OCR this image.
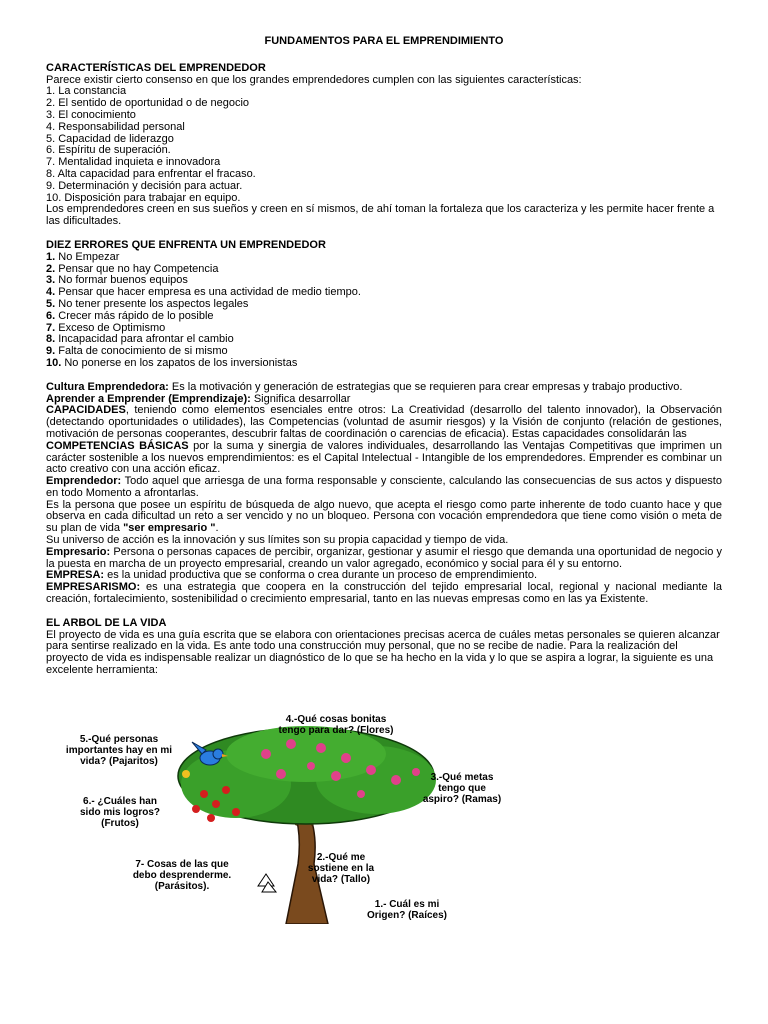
FUNDAMENTOS PARA EL EMPRENDIMIENTO
CARACTERÍSTICAS DEL EMPRENDEDOR
Parece existir cierto consenso en que los grandes emprendedores cumplen con las siguientes características:
1. La constancia
2. El sentido de oportunidad o de negocio
3. El conocimiento
4. Responsabilidad personal
5. Capacidad de liderazgo
6. Espíritu de superación.
7. Mentalidad inquieta e innovadora
8. Alta capacidad para enfrentar el fracaso.
9. Determinación y decisión para actuar.
10. Disposición para trabajar en equipo.
Los emprendedores creen en sus sueños y creen en sí mismos, de ahí toman la fortaleza que los caracteriza y les permite hacer frente a las dificultades.
DIEZ ERRORES QUE ENFRENTA UN EMPRENDEDOR
1. No Empezar
2. Pensar que no hay Competencia
3. No formar buenos equipos
4. Pensar que hacer empresa es una actividad de medio tiempo.
5. No tener presente los aspectos legales
6. Crecer más rápido de lo posible
7. Exceso de Optimismo
8. Incapacidad para afrontar el cambio
9. Falta de conocimiento de si mismo
10. No ponerse en los zapatos de los inversionistas
Cultura Emprendedora: Es la motivación y generación de estrategias que se requieren para crear empresas y trabajo productivo.
Aprender a Emprender (Emprendizaje): Significa desarrollar
CAPACIDADES, teniendo como elementos esenciales entre otros: La Creatividad (desarrollo del talento innovador), la Observación (detectando oportunidades o utilidades), las Competencias (voluntad de asumir riesgos) y la Visión de conjunto (relación de gestiones, motivación de personas cooperantes, descubrir faltas de coordinación o carencias de eficacia). Estas capacidades consolidarán las
COMPETENCIAS BÁSICAS por la suma y sinergia de valores individuales, desarrollando las Ventajas Competitivas que imprimen un carácter sostenible a los nuevos emprendimientos: es el Capital Intelectual - Intangible de los emprendedores. Emprender es combinar un acto creativo con una acción eficaz.
Emprendedor: Todo aquel que arriesga de una forma responsable y consciente, calculando las consecuencias de sus actos y dispuesto en todo Momento a afrontarlas.
Es la persona que posee un espíritu de búsqueda de algo nuevo, que acepta el riesgo como parte inherente de todo cuanto hace y que observa en cada dificultad un reto a ser vencido y no un bloqueo. Persona con vocación emprendedora que tiene como visión o meta de su plan de vida "ser empresario ".
Su universo de acción es la innovación y sus límites son su propia capacidad y tiempo de vida.
Empresario: Persona o personas capaces de percibir, organizar, gestionar y asumir el riesgo que demanda una oportunidad de negocio y la puesta en marcha de un proyecto empresarial, creando un valor agregado, económico y social para él y su entorno.
EMPRESA: es la unidad productiva que se conforma o crea durante un proceso de emprendimiento.
EMPRESARISMO: es una estrategia que coopera en la construcción del tejido empresarial local, regional y nacional mediante la creación, fortalecimiento, sostenibilidad o crecimiento empresarial, tanto en las nuevas empresas como en las ya Existente.
EL ARBOL DE LA VIDA
El proyecto de vida es una guía escrita que se elabora con orientaciones precisas acerca de cuáles metas personales se quieren alcanzar para sentirse realizado en la vida. Es ante todo una construcción muy personal, que no se recibe de nadie. Para la realización del proyecto de vida es indispensable realizar un diagnóstico de lo que se ha hecho en la vida y lo que se aspira a lograr, la siguiente es una excelente herramienta:
4.-Qué cosas bonitas tengo para dar? (Flores)
5.-Qué personas importantes hay en mi vida? (Pajaritos)
3.-Qué metas tengo que aspiro? (Ramas)
6.- ¿Cuáles han sido mis logros? (Frutos)
2.-Qué me sostiene en la vida? (Tallo)
7- Cosas de las que debo desprenderme. (Parásitos).
1.- Cuál es mi Origen? (Raíces)
